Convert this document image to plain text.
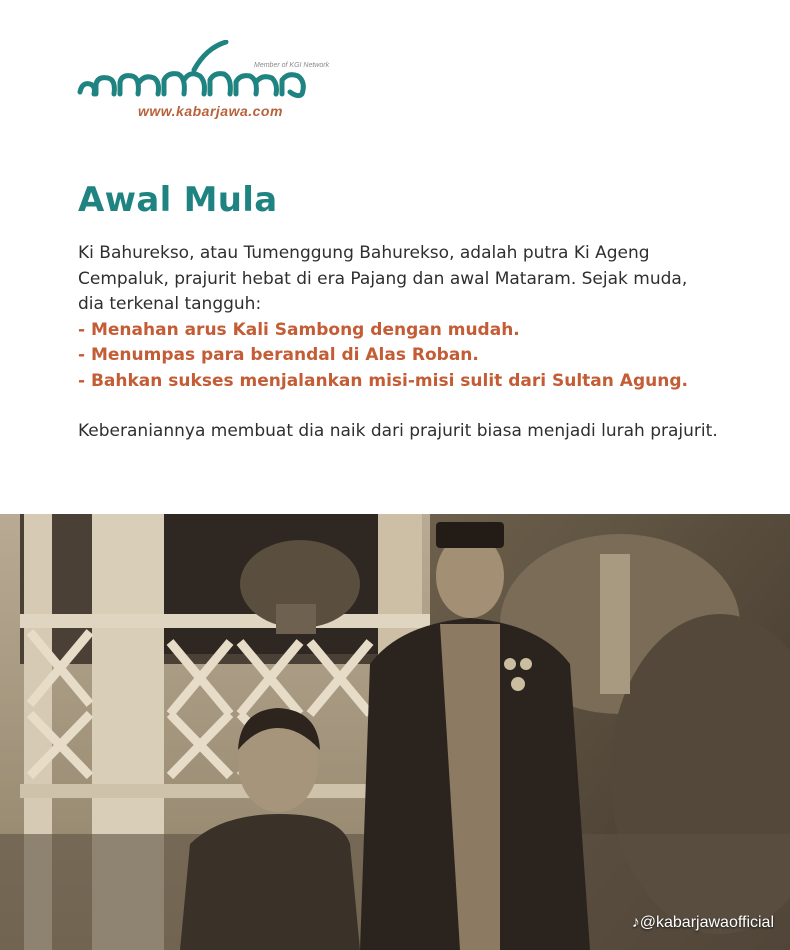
Member of KGI Network
www.kabarjawa.com
Awal Mula

Ki Bahurekso, atau Tumenggung Bahurekso, adalah putra Ki Ageng Cempaluk, prajurit hebat di era Pajang dan awal Mataram. Sejak muda, dia terkenal tangguh:

- Menahan arus Kali Sambong dengan mudah.

- Menumpas para berandal di Alas Roban.

- Bahkan sukses menjalankan misi-misi sulit dari Sultan Agung.

Keberaniannya membuat dia naik dari prajurit biasa menjadi lurah prajurit.

♪@kabarjawaofficial
